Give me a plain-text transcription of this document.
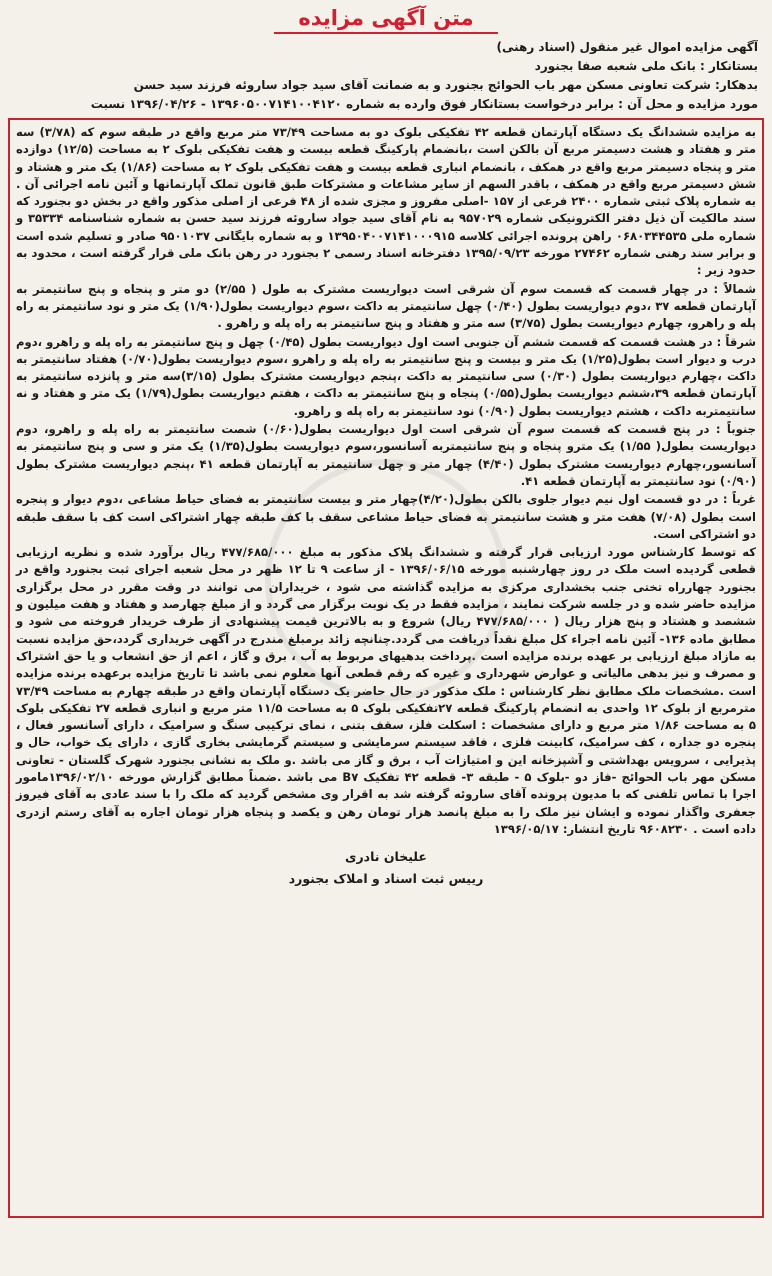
متن آگهی مزایده
آگهی مزایده اموال غیر منقول (اسناد رهنی)
بستانکار : بانک ملی شعبه صفا بجنورد
بدهکار: شرکت تعاونی مسکن مهر باب الحوائج بجنورد و به ضمانت آقای سید جواد ساروئه فرزند سید حسن
مورد مزایده و محل آن : برابر درخواست بستانکار فوق وارده به شماره ۱۳۹۶۰۵۰۰۷۱۴۱۰۰۴۱۲۰ - ۱۳۹۶/۰۴/۲۶ نسبت

به مزایده ششدانگ یک دستگاه آپارتمان قطعه ۴۲ تفکیکی بلوک دو به مساحت ۷۳/۴۹ متر مربع واقع در طبقه سوم که (۳/۷۸) سه متر و هفتاد و هشت دسیمتر مربع آن بالکن است ،بانضمام پارکینگ قطعه بیست و هفت تفکیکی بلوک ۲ به مساحت (۱۲/۵) دوازده متر و پنجاه دسیمتر مربع واقع در همکف ، بانضمام انباری قطعه بیست و هفت تفکیکی بلوک ۲ به مساحت (۱/۸۶) یک متر و هشتاد و شش دسیمتر مربع واقع در همکف ، باقدر السهم از سایر مشاعات و مشترکات طبق قانون تملک آپارتمانها و آئین نامه اجرائی آن . به شماره پلاک ثبتی شماره ۲۴۰۰ فرعی از ۱۵۷ -اصلی مفروز و مجزی شده از ۴۸ فرعی از اصلی مذکور واقع در بخش دو بجنورد که سند مالکیت آن ذیل دفتر الکترونیکی شماره ۹۵۷۰۲۹ به نام آقای سید جواد ساروئه فرزند سید حسن به شماره شناسنامه ۳۵۳۳۴ و شماره ملی ۰۶۸۰۳۴۴۵۳۵ راهن پرونده اجرائی کلاسه ۱۳۹۵۰۴۰۰۷۱۴۱۰۰۰۹۱۵ و به شماره بایگانی ۹۵۰۱۰۳۷ صادر و تسلیم شده است و برابر سند رهنی شماره ۲۷۴۶۲ مورخه ۱۳۹۵/۰۹/۲۳ دفترخانه اسناد رسمی ۲ بجنورد در رهن بانک ملی قرار گرفته است ، محدود به حدود زیر :

شمالاً : در چهار قسمت که قسمت سوم آن شرقی است دیواریست مشترک به طول ( ۲/۵۵) دو متر و پنجاه و پنج سانتیمتر به آپارتمان قطعه ۳۷ ،دوم دیواریست بطول (۰/۴۰) چهل سانتیمتر به داکت ،سوم دیواریست بطول(۱/۹۰) یک متر و نود سانتیمتر به راه پله و راهرو، چهارم دیواریست بطول (۳/۷۵) سه متر و هفتاد و پنج سانتیمتر به راه پله و راهرو .

شرقاً : در هشت قسمت که قسمت ششم آن جنوبی است اول دیواریست بطول (۰/۴۵) چهل و پنج سانتیمتر به راه پله و راهرو ،دوم درب و دیوار است بطول(۱/۲۵) یک متر و بیست و پنج سانتیمتر به راه پله و راهرو ،سوم دیواریست بطول(۰/۷۰) هفتاد سانتیمتر به داکت ،چهارم دیواریست بطول (۰/۳۰) سی سانتیمتر به داکت ،پنجم دیواریست مشترک بطول (۳/۱۵)سه متر و پانزده سانتیمتر به آپارتمان قطعه ۳۹،ششم دیواریست بطول(۰/۵۵) پنجاه و پنج سانتیمتر به داکت ، هفتم دیواریست بطول(۱/۷۹) یک متر و هفتاد و نه سانتیمتربه داکت ، هشتم دیواریست بطول (۰/۹۰) نود سانتیمتر به راه پله و راهرو.

جنوباً : در پنج قسمت که قسمت سوم آن شرقی است اول دیواریست بطول(۰/۶۰) شصت سانتیمتر به راه پله و راهرو، دوم دیواریست بطول( ۱/۵۵) یک مترو پنجاه و پنج سانتیمتربه آسانسور،سوم دیواریست بطول(۱/۳۵) یک متر و سی و پنج سانتیمتر به آسانسور،چهارم دیواریست مشترک بطول (۴/۴۰) چهار متر و چهل سانتیمتر به آپارتمان قطعه ۴۱ ،پنجم دیواریست مشترک بطول (۰/۹۰) نود سانتیمتر به آپارتمان قطعه ۴۱.

غرباً : در دو قسمت اول نیم دیوار جلوی بالکن بطول(۴/۲۰)چهار متر و بیست سانتیمتر به فضای حیاط مشاعی ،دوم دیوار و پنجره است بطول (۷/۰۸) هفت متر و هشت سانتیمتر به فضای حیاط مشاعی سقف با کف طبقه چهار اشتراکی است کف با سقف طبقه دو اشتراکی است.

که توسط کارشناس مورد ارزیابی قرار گرفته و ششدانگ پلاک مذکور به مبلغ ۴۷۷/۶۸۵/۰۰۰ ریال برآورد شده و نظریه ارزیابی قطعی گردیده است ملک در روز چهارشنبه مورخه ۱۳۹۶/۰۶/۱۵ - از ساعت ۹ تا ۱۲ ظهر در محل شعبه اجرای ثبت بجنورد واقع در بجنورد چهارراه تختی جنب بخشداری مرکزی به مزایده گذاشته می شود ، خریداران می توانند در وقت مقرر در محل برگزاری مزایده حاضر شده و در جلسه شرکت نمایند ، مزایده فقط در یک نوبت برگزار می گردد و از مبلغ چهارصد و هفتاد و هفت میلیون و ششصد و هشتاد و پنج هزار ریال ( ۴۷۷/۶۸۵/۰۰۰ ریال) شروع و به بالاترین قیمت پیشنهادی از طرف خریدار فروخته می شود و مطابق ماده ۱۳۶- آئین نامه اجراء کل مبلغ نقداً دریافت می گردد.چنانچه زائد برمبلغ مندرج در آگهی خریداری گردد،حق مزایده نسبت به مازاد مبلغ ارزیابی بر عهده برنده مزایده است .پرداخت بدهیهای مربوط به آب ، برق و گاز ، اعم از حق انشعاب و یا حق اشتراک و مصرف و نیز بدهی مالیاتی و عوارض شهرداری و غیره که رقم قطعی آنها معلوم نمی باشد تا تاریخ مزایده برعهده برنده مزایده است .مشخصات ملک مطابق نظر کارشناس : ملک مذکور در حال حاضر یک دستگاه آپارتمان واقع در طبقه چهارم به مساحت ۷۳/۴۹ مترمربع از بلوک ۱۲ واحدی به انضمام پارکینگ قطعه ۲۷تفکیکی بلوک ۵ به مساحت ۱۱/۵ متر مربع و انباری قطعه ۲۷ تفکیکی بلوک ۵ به مساحت ۱/۸۶ متر مربع و دارای مشخصات : اسکلت فلز، سقف بتنی ، نمای ترکیبی سنگ و سرامیک ، دارای آسانسور فعال ، پنجره دو جداره ، کف سرامیک، کابینت فلزی ، فاقد سیستم سرمایشی و سیستم گرمایشی بخاری گازی ، دارای یک خواب، حال و پذیرایی ، سرویس بهداشتی و آشپزخانه این و امتیازات آب ، برق و گاز می باشد .و ملک به نشانی بجنورد شهرک گلستان - تعاونی مسکن مهر باب الحوائج -فاز دو -بلوک ۵ - طبقه ۳- قطعه ۴۲ تفکیک B۷ می باشد .ضمناً مطابق گزارش مورخه ۱۳۹۶/۰۲/۱۰مامور اجرا با تماس تلفنی که با مدیون پرونده آقای ساروئه گرفته شد به اقرار وی مشخص گردید که ملک را با سند عادی به آقای فیروز جعفری واگذار نموده و ایشان نیز ملک را به مبلغ پانصد هزار تومان رهن و یکصد و پنجاه هزار تومان اجاره به آقای رستم ازدری داده است . ۹۶۰۸۲۳۰ تاریخ انتشار: ۱۳۹۶/۰۵/۱۷

علیخان نادری
رییس ثبت اسناد و املاک بجنورد
